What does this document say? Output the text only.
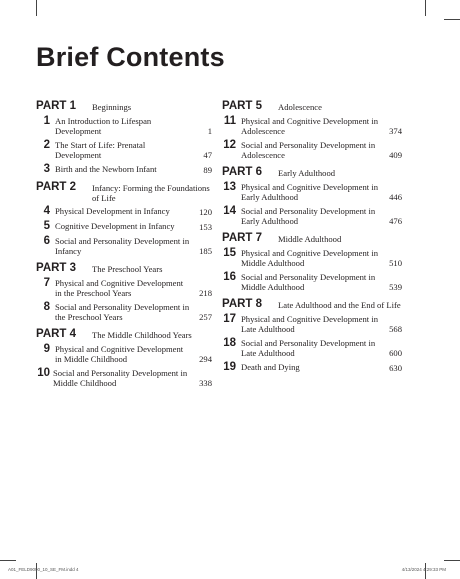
Brief Contents
PART 1	Beginnings
1 An Introduction to Lifespan Development	1
2 The Start of Life: Prenatal Development	47
3 Birth and the Newborn Infant	89
PART 2	Infancy: Forming the Foundations of Life
4 Physical Development in Infancy	120
5 Cognitive Development in Infancy	153
6 Social and Personality Development in Infancy	185
PART 3	The Preschool Years
7 Physical and Cognitive Development in the Preschool Years	218
8 Social and Personality Development in the Preschool Years	257
PART 4	The Middle Childhood Years
9 Physical and Cognitive Development in Middle Childhood	294
10 Social and Personality Development in Middle Childhood	338
PART 5	Adolescence
11 Physical and Cognitive Development in Adolescence	374
12 Social and Personality Development in Adolescence	409
PART 6	Early Adulthood
13 Physical and Cognitive Development in Early Adulthood	446
14 Social and Personality Development in Early Adulthood	476
PART 7	Middle Adulthood
15 Physical and Cognitive Development in Middle Adulthood	510
16 Social and Personality Development in Middle Adulthood	539
PART 8	Late Adulthood and the End of Life
17 Physical and Cognitive Development in Late Adulthood	568
18 Social and Personality Development in Late Adulthood	600
19 Death and Dying	630
A01_FELD9090_10_SE_FM.indd 4	4/13/2024 4:29:33 PM
